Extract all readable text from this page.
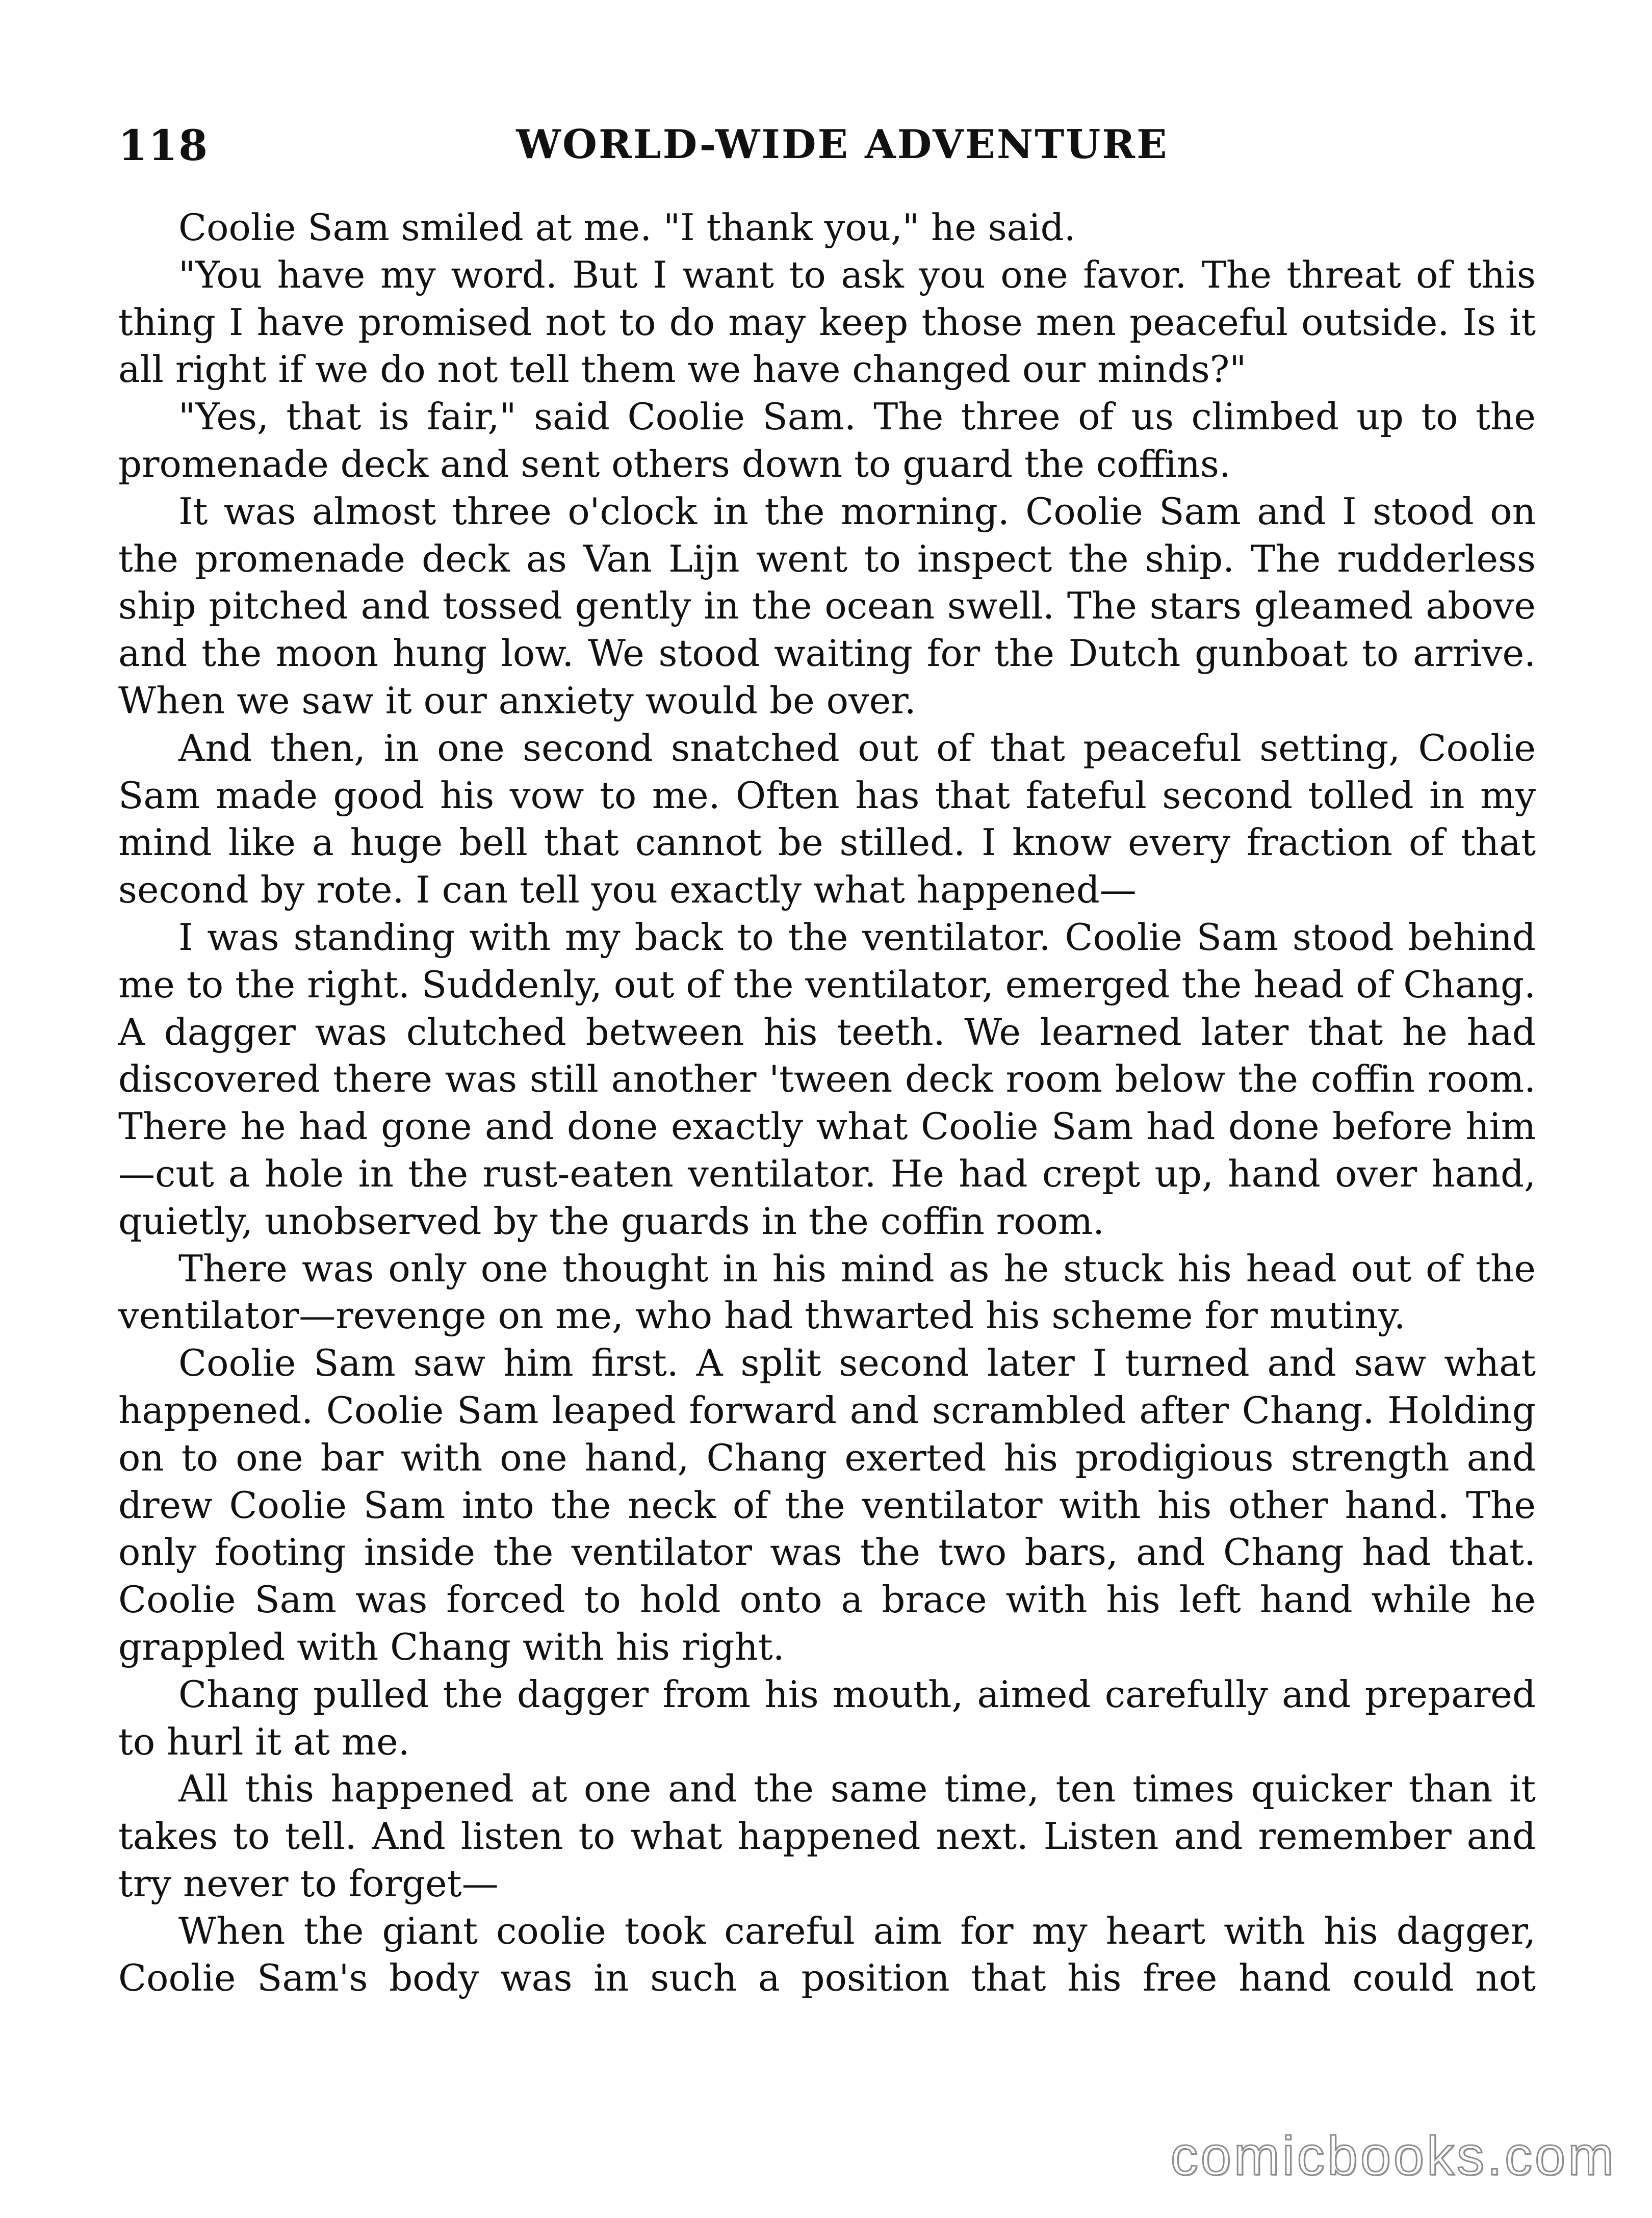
118	WORLD-WIDE ADVENTURE

Coolie Sam smiled at me. "I thank you," he said.

"You have my word. But I want to ask you one favor. The threat of this thing I have promised not to do may keep those men peaceful outside. Is it all right if we do not tell them we have changed our minds?"

"Yes, that is fair," said Coolie Sam. The three of us climbed up to the promenade deck and sent others down to guard the coffins.

It was almost three o'clock in the morning. Coolie Sam and I stood on the promenade deck as Van Lijn went to inspect the ship. The rudderless ship pitched and tossed gently in the ocean swell. The stars gleamed above and the moon hung low. We stood waiting for the Dutch gunboat to arrive. When we saw it our anxiety would be over.

And then, in one second snatched out of that peaceful setting, Coolie Sam made good his vow to me. Often has that fateful second tolled in my mind like a huge bell that cannot be stilled. I know every fraction of that second by rote. I can tell you exactly what happened—

I was standing with my back to the ventilator. Coolie Sam stood behind me to the right. Suddenly, out of the ventilator, emerged the head of Chang. A dagger was clutched between his teeth. We learned later that he had discovered there was still another 'tween deck room below the coffin room. There he had gone and done exactly what Coolie Sam had done before him—cut a hole in the rust-eaten ventilator. He had crept up, hand over hand, quietly, unobserved by the guards in the coffin room.

There was only one thought in his mind as he stuck his head out of the ventilator—revenge on me, who had thwarted his scheme for mutiny.

Coolie Sam saw him first. A split second later I turned and saw what happened. Coolie Sam leaped forward and scrambled after Chang. Holding on to one bar with one hand, Chang exerted his prodigious strength and drew Coolie Sam into the neck of the ventilator with his other hand. The only footing inside the ventilator was the two bars, and Chang had that. Coolie Sam was forced to hold onto a brace with his left hand while he grappled with Chang with his right.

Chang pulled the dagger from his mouth, aimed carefully and prepared to hurl it at me.

All this happened at one and the same time, ten times quicker than it takes to tell. And listen to what happened next. Listen and remember and try never to forget—

When the giant coolie took careful aim for my heart with his dagger, Coolie Sam's body was in such a position that his free hand could not

comicbooks.com
